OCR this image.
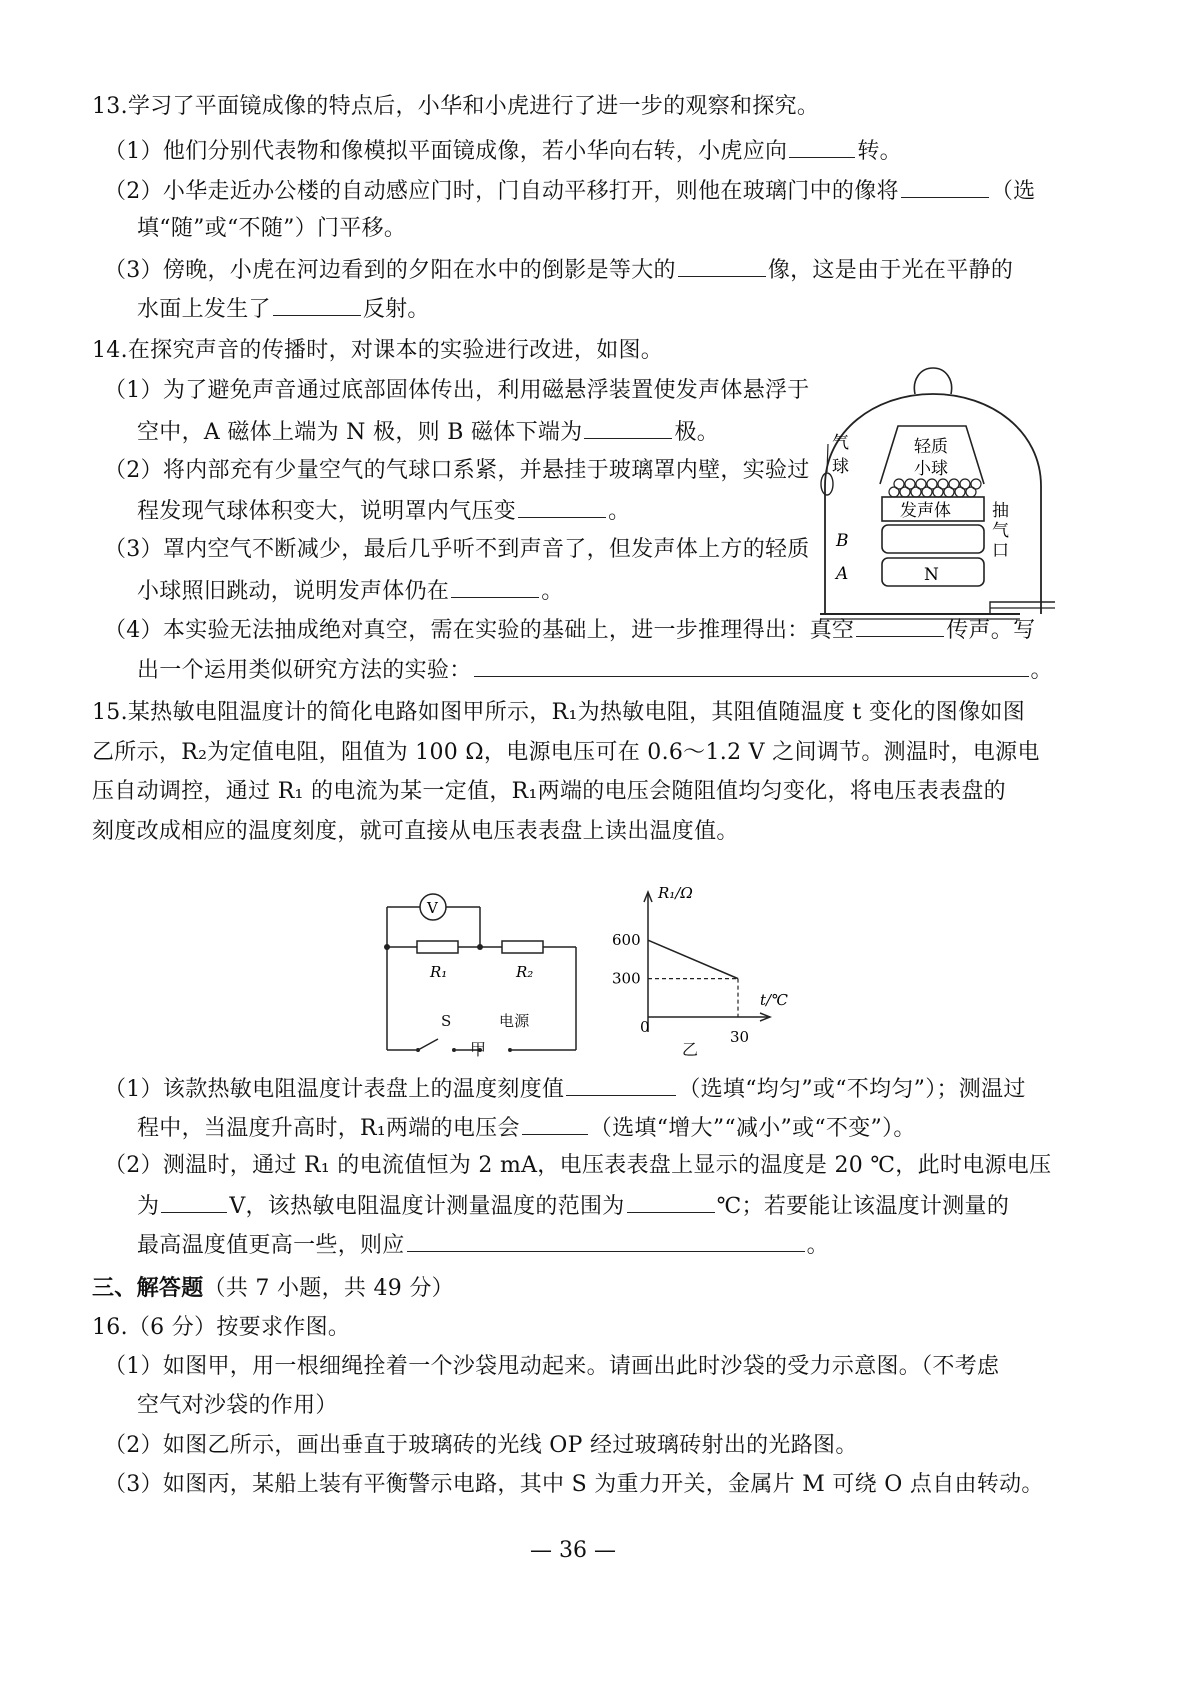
13.学习了平面镜成像的特点后，小华和小虎进行了进一步的观察和探究。
（1）他们分别代表物和像模拟平面镜成像，若小华向右转，小虎应向	转。
（2）小华走近办公楼的自动感应门时，门自动平移打开，则他在玻璃门中的像将	（选
填“随”或“不随”）门平移。
（3）傍晚，小虎在河边看到的夕阳在水中的倒影是等大的	像，这是由于光在平静的
水面上发生了	反射。
14.在探究声音的传播时，对课本的实验进行改进，如图。
（1）为了避免声音通过底部固体传出，利用磁悬浮装置使发声体悬浮于
空中，A 磁体上端为 N 极，则 B 磁体下端为	极。
（2）将内部充有少量空气的气球口系紧，并悬挂于玻璃罩内壁，实验过
程发现气球体积变大，说明罩内气压变	。
（3）罩内空气不断减少，最后几乎听不到声音了，但发声体上方的轻质
小球照旧跳动，说明发声体仍在	。
（4）本实验无法抽成绝对真空，需在实验的基础上，进一步推理得出：真空	传声。写
出一个运用类似研究方法的实验：	。
气
球
轻质
小球
发声体
B
A	N
抽
气
口
15.某热敏电阻温度计的简化电路如图甲所示，R₁为热敏电阻，其阻值随温度 t 变化的图像如图
乙所示，R₂为定值电阻，阻值为 100 Ω，电源电压可在 0.6～1.2 V 之间调节。测温时，电源电
压自动调控，通过 R₁ 的电流为某一定值，R₁两端的电压会随阻值均匀变化，将电压表表盘的
刻度改成相应的温度刻度，就可直接从电压表表盘上读出温度值。
V
R₁	R₂
S	电源
甲
R₁/Ω
t/℃
600
300
0
30
乙
（1）该款热敏电阻温度计表盘上的温度刻度值	（选填“均匀”或“不均匀”）；测温过
程中，当温度升高时，R₁两端的电压会	（选填“增大”“减小”或“不变”）。
（2）测温时，通过 R₁ 的电流值恒为 2 mA，电压表表盘上显示的温度是 20 ℃，此时电源电压
为	V，该热敏电阻温度计测量温度的范围为	℃；若要能让该温度计测量的
最高温度值更高一些，则应	。
三、解答题（共 7 小题，共 49 分）
16.（6 分）按要求作图。
（1）如图甲，用一根细绳拴着一个沙袋甩动起来。请画出此时沙袋的受力示意图。（不考虑
空气对沙袋的作用）
（2）如图乙所示，画出垂直于玻璃砖的光线 OP 经过玻璃砖射出的光路图。
（3）如图丙，某船上装有平衡警示电路，其中 S 为重力开关，金属片 M 可绕 O 点自由转动。
— 36 —
